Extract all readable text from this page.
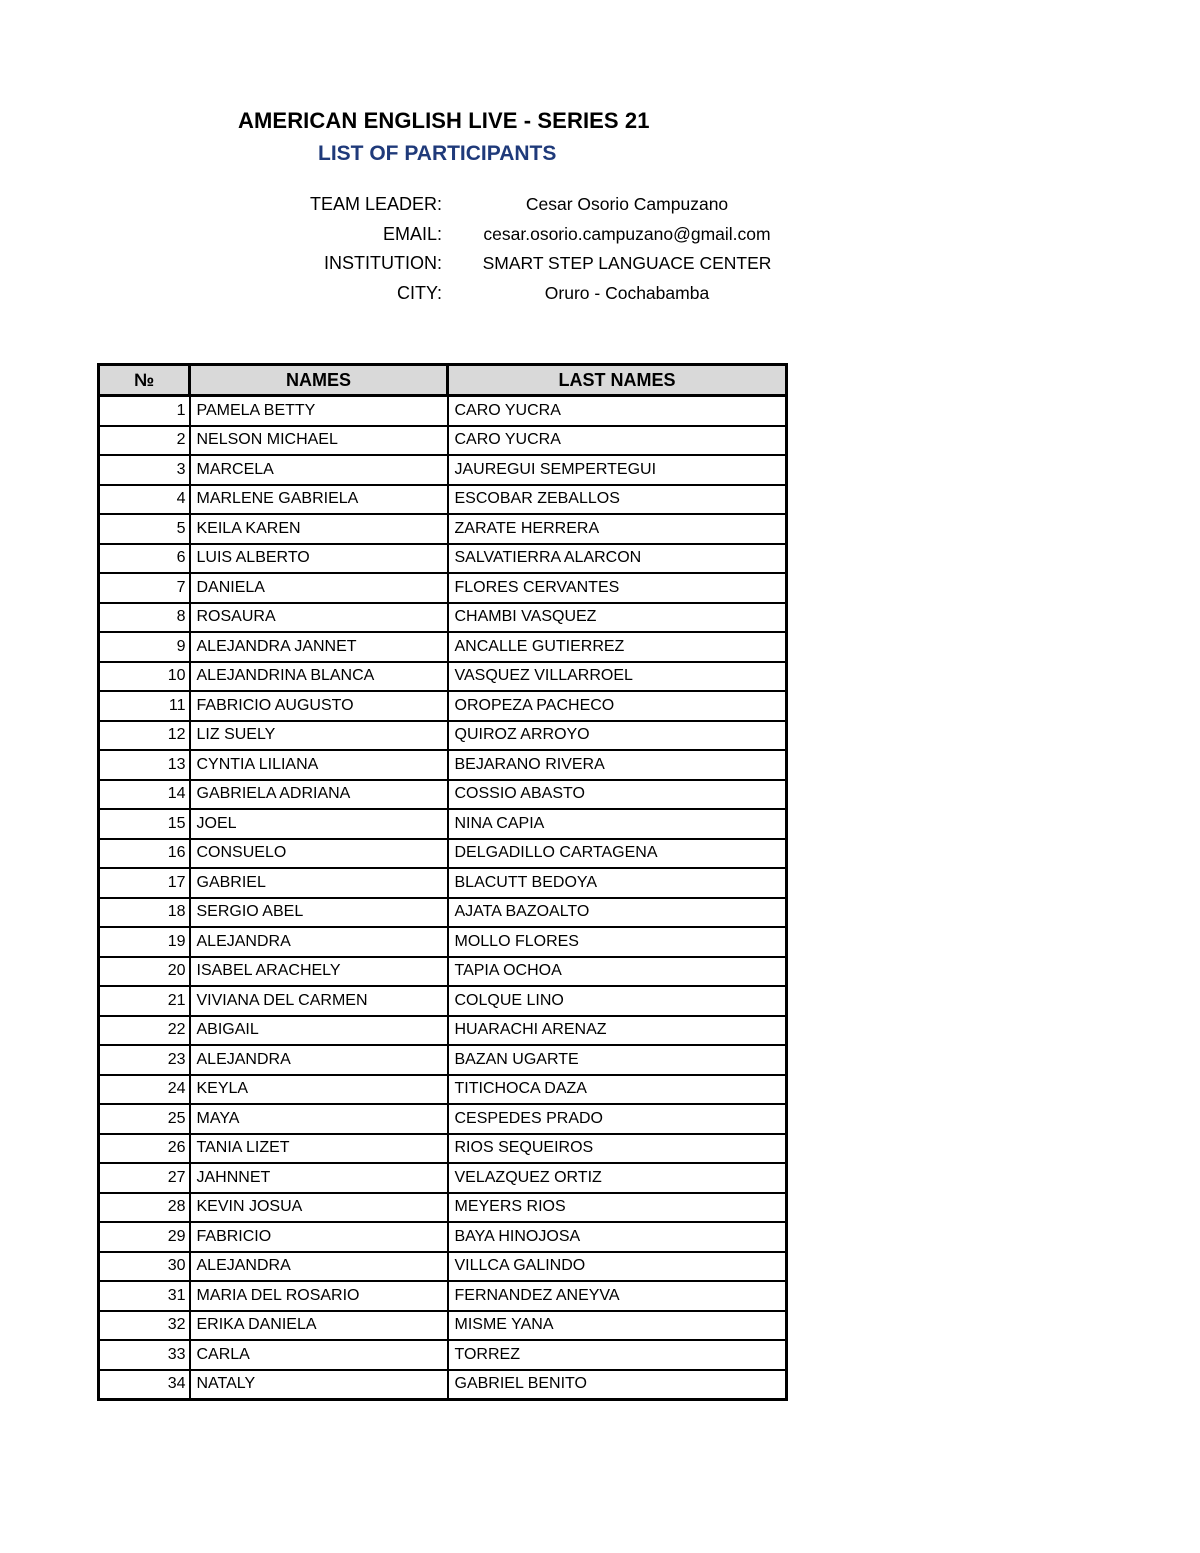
AMERICAN ENGLISH LIVE - SERIES 21
LIST OF PARTICIPANTS
TEAM LEADER:	Cesar Osorio Campuzano
EMAIL:	cesar.osorio.campuzano@gmail.com
INSTITUTION:	SMART STEP LANGUACE CENTER
CITY:	Oruro - Cochabamba
№	NAMES	LAST NAMES
1	PAMELA BETTY	CARO YUCRA
2	NELSON MICHAEL	CARO YUCRA
3	MARCELA	JAUREGUI SEMPERTEGUI
4	MARLENE GABRIELA	ESCOBAR ZEBALLOS
5	KEILA KAREN	ZARATE HERRERA
6	LUIS ALBERTO	SALVATIERRA ALARCON
7	DANIELA	FLORES CERVANTES
8	ROSAURA	CHAMBI VASQUEZ
9	ALEJANDRA JANNET	ANCALLE GUTIERREZ
10	ALEJANDRINA BLANCA	VASQUEZ VILLARROEL
11	FABRICIO AUGUSTO	OROPEZA PACHECO
12	LIZ SUELY	QUIROZ ARROYO
13	CYNTIA LILIANA	BEJARANO RIVERA
14	GABRIELA ADRIANA	COSSIO ABASTO
15	JOEL	NINA CAPIA
16	CONSUELO	DELGADILLO CARTAGENA
17	GABRIEL	BLACUTT BEDOYA
18	SERGIO ABEL	AJATA BAZOALTO
19	ALEJANDRA	MOLLO FLORES
20	ISABEL ARACHELY	TAPIA OCHOA
21	VIVIANA DEL CARMEN	COLQUE LINO
22	ABIGAIL	HUARACHI ARENAZ
23	ALEJANDRA	BAZAN UGARTE
24	KEYLA	TITICHOCA DAZA
25	MAYA	CESPEDES PRADO
26	TANIA LIZET	RIOS SEQUEIROS
27	JAHNNET	VELAZQUEZ ORTIZ
28	KEVIN JOSUA	MEYERS RIOS
29	FABRICIO	BAYA HINOJOSA
30	ALEJANDRA	VILLCA GALINDO
31	MARIA DEL ROSARIO	FERNANDEZ ANEYVA
32	ERIKA DANIELA	MISME YANA
33	CARLA	TORREZ
34	NATALY	GABRIEL BENITO
